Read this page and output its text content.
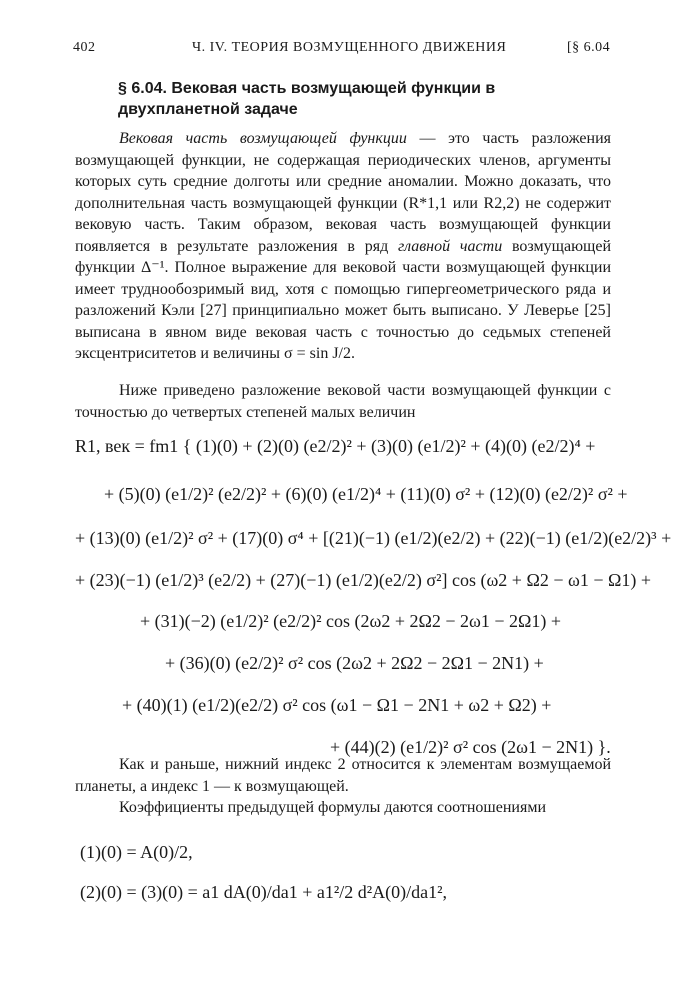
402	Ч. IV. ТЕОРИЯ ВОЗМУЩЕННОГО ДВИЖЕНИЯ	[§ 6.04
§ 6.04. Вековая часть возмущающей функции в двухпланетной задаче

Вековая часть возмущающей функции — это часть разложения возмущающей функции, не содержащая периодических членов, аргументы которых суть средние долготы или средние аномалии. Можно доказать, что дополнительная часть возмущающей функции (R*1,1 или R2,2) не содержит вековую часть. Таким образом, вековая часть возмущающей функции появляется в результате разложения в ряд главной части возмущающей функции Δ⁻¹. Полное выражение для вековой части возмущающей функции имеет труднообозримый вид, хотя с помощью гипергеометрического ряда и разложений Кэли [27] принципиально может быть выписано. У Леверье [25] выписана в явном виде вековая часть с точностью до седьмых степеней эксцентриситетов и величины σ = sin J/2.

Ниже приведено разложение вековой части возмущающей функции с точностью до четвертых степеней малых величин

R1, век = fm1 { (1)(0) + (2)(0) (e2/2)² + (3)(0) (e1/2)² + (4)(0) (e2/2)⁴ +
+ (5)(0) (e1/2)² (e2/2)² + (6)(0) (e1/2)⁴ + (11)(0) σ² + (12)(0) (e2/2)² σ² +
+ (13)(0) (e1/2)² σ² + (17)(0) σ⁴ + [(21)(−1) (e1/2)(e2/2) + (22)(−1) (e1/2)(e2/2)³ +
+ (23)(−1) (e1/2)³ (e2/2) + (27)(−1) (e1/2)(e2/2) σ²] cos (ω2 + Ω2 − ω1 − Ω1) +
+ (31)(−2) (e1/2)² (e2/2)² cos (2ω2 + 2Ω2 − 2ω1 − 2Ω1) +
+ (36)(0) (e2/2)² σ² cos (2ω2 + 2Ω2 − 2Ω1 − 2N1) +
+ (40)(1) (e1/2)(e2/2) σ² cos (ω1 − Ω1 − 2N1 + ω2 + Ω2) +
+ (44)(2) (e1/2)² σ² cos (2ω1 − 2N1) }.

Как и раньше, нижний индекс 2 относится к элементам возмущаемой планеты, а индекс 1 — к возмущающей.

Коэффициенты предыдущей формулы даются соотношениями

(1)(0) = A(0)/2,
(2)(0) = (3)(0) = a1 dA(0)/da1 + a1²/2 d²A(0)/da1²,
